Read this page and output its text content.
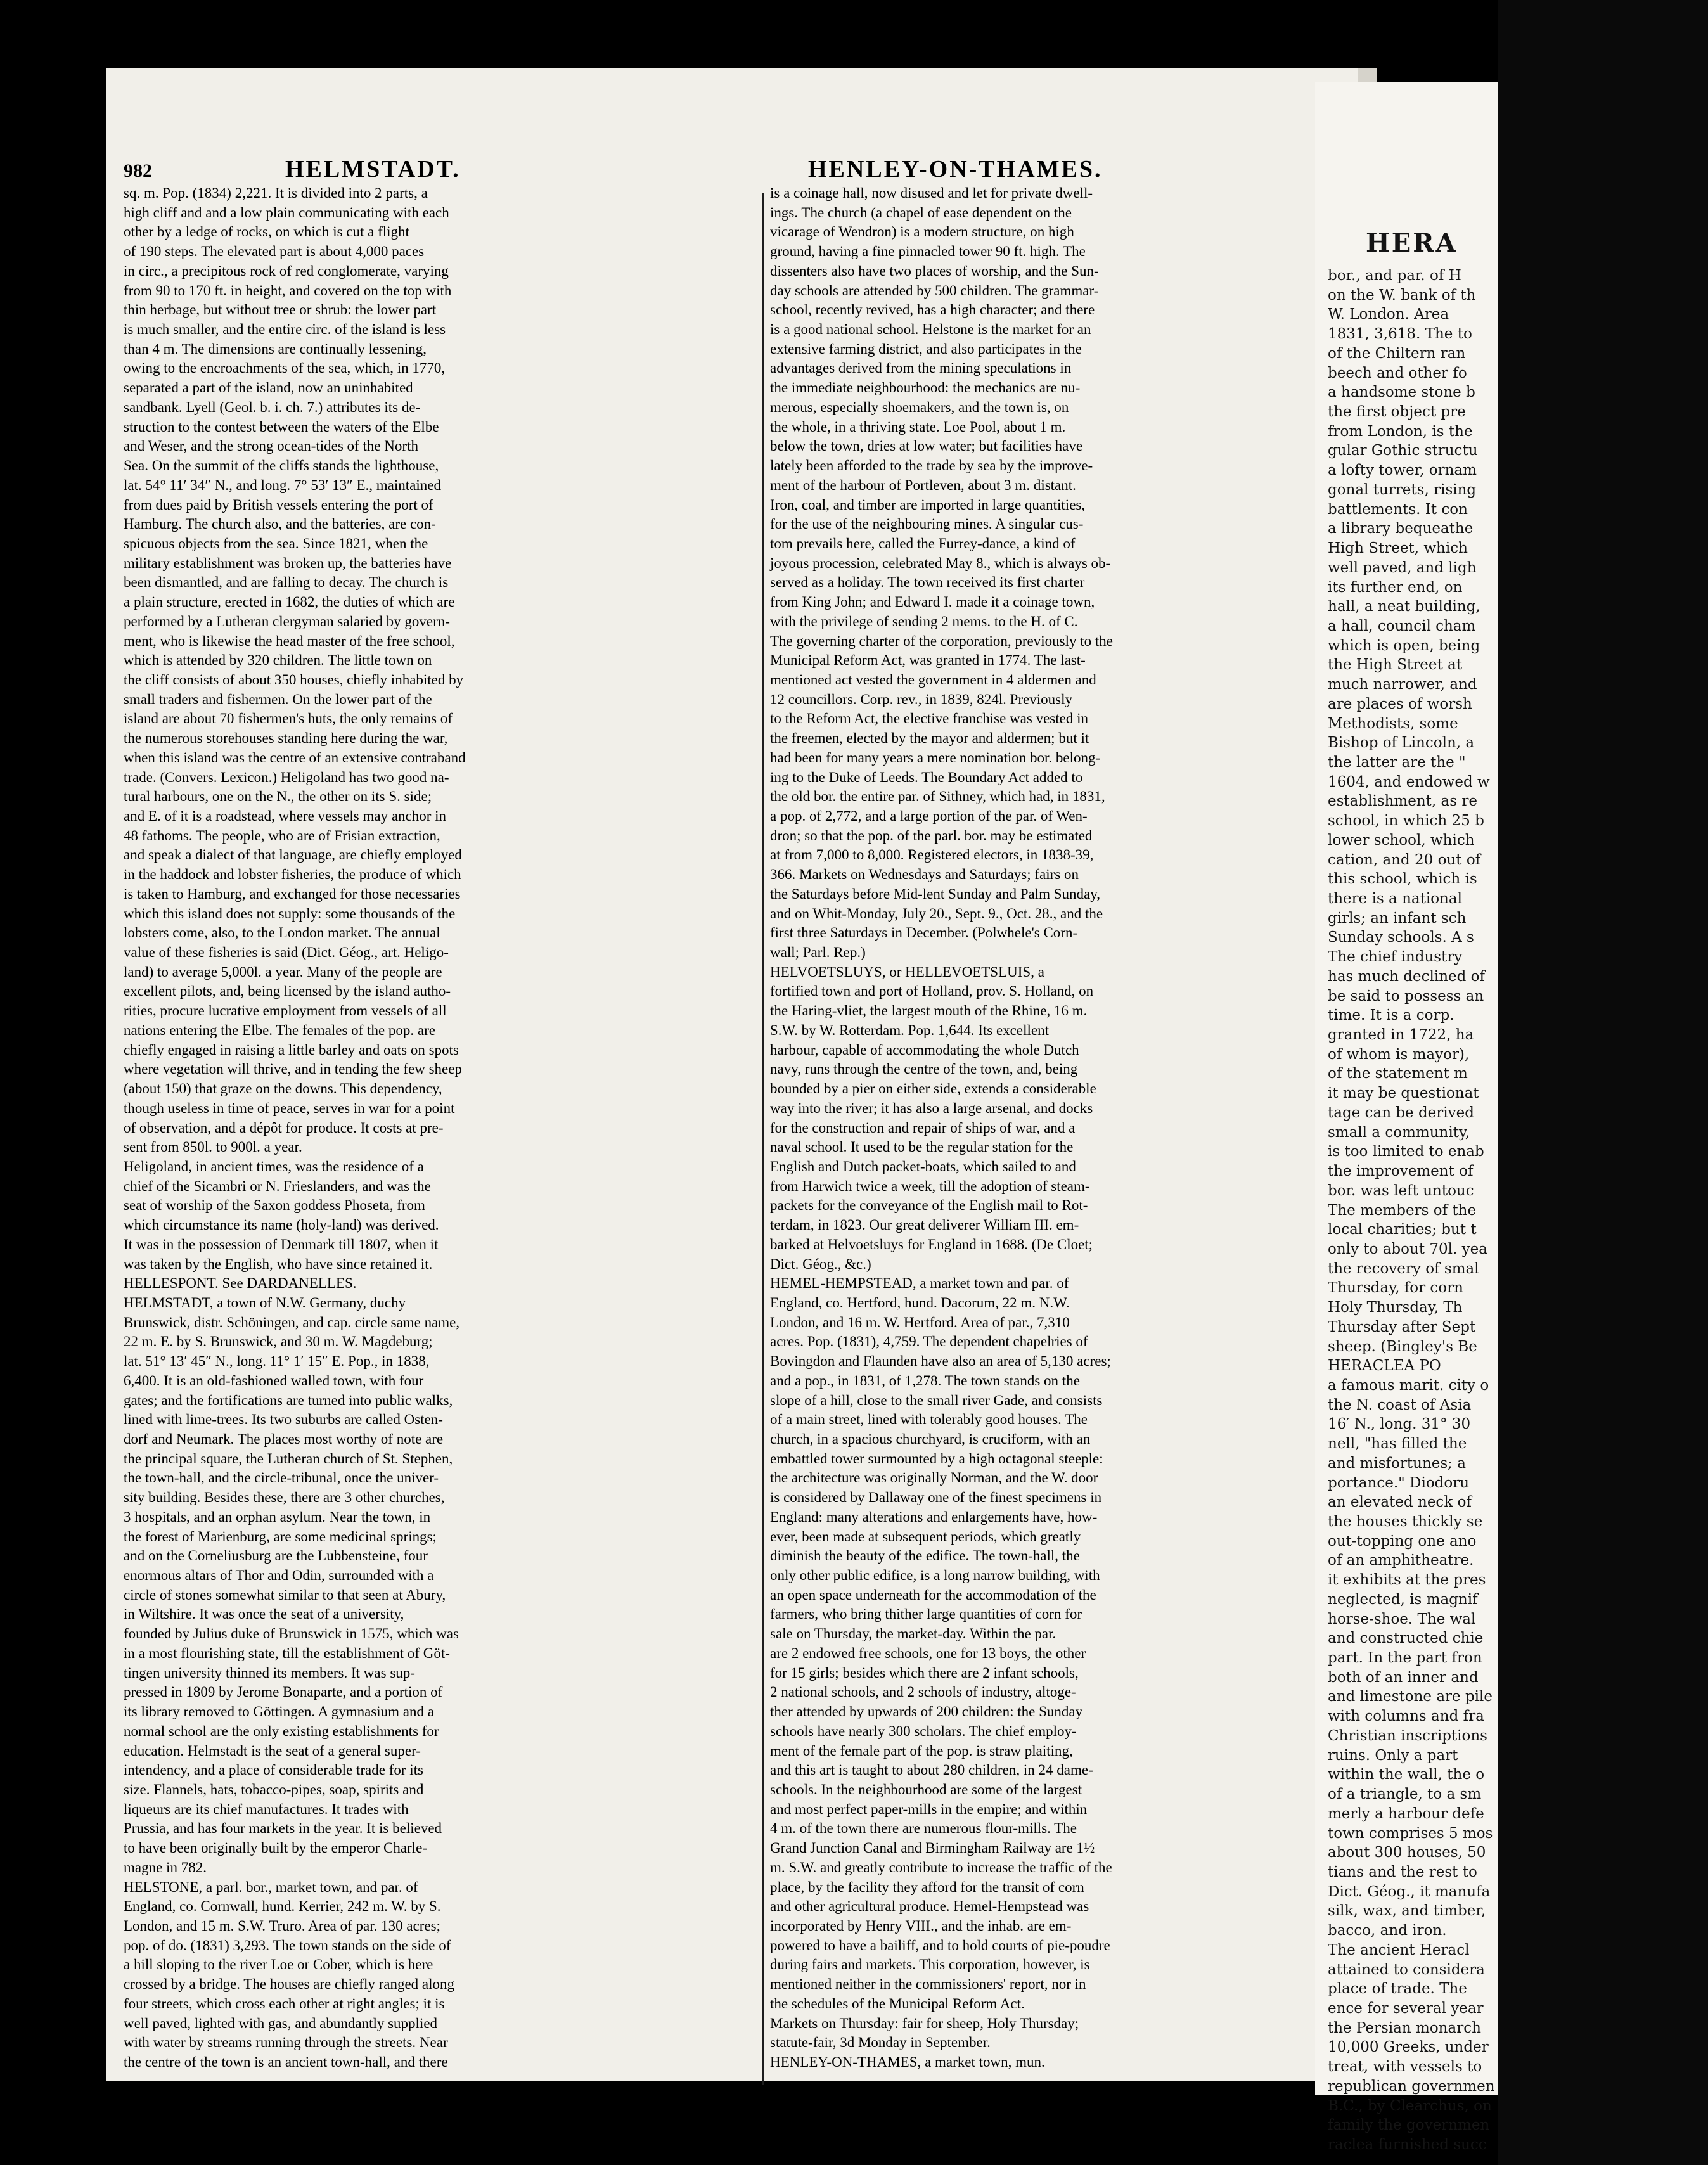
HERA
bor., and par. of H
on the W. bank of th
W. London. Area
1831, 3,618. The to
of the Chiltern ran
beech and other fo
a handsome stone b
the first object pre
from London, is the
gular Gothic structu
a lofty tower, ornam
gonal turrets, rising
battlements. It con
a library bequeathe
High Street, which
well paved, and ligh
its further end, on
hall, a neat building,
a hall, council cham
which is open, being
the High Street at
much narrower, and
are places of worsh
Methodists, some
Bishop of Lincoln, a
the latter are the "
1604, and endowed w
establishment, as re
school, in which 25 b
lower school, which
cation, and 20 out of
this school, which is
there is a national
girls; an infant sch
Sunday schools. A s
The chief industry
has much declined of
be said to possess an
time. It is a corp.
granted in 1722, ha
of whom is mayor),
of the statement m
it may be questionat
tage can be derived
small a community,
is too limited to enab
the improvement of
bor. was left untouc
The members of the
local charities; but t
only to about 70l. yea
the recovery of smal
Thursday, for corn
Holy Thursday, Th
Thursday after Sept
sheep. (Bingley's Be
HERACLEA PO
a famous marit. city o
the N. coast of Asia
16′ N., long. 31° 30
nell, "has filled the
and misfortunes; a
portance." Diodoru
an elevated neck of
the houses thickly se
out-topping one ano
of an amphitheatre.
it exhibits at the pres
neglected, is magnif
horse-shoe. The wal
and constructed chie
part. In the part fron
both of an inner and
and limestone are pile
with columns and fra
Christian inscriptions
ruins. Only a part
within the wall, the o
of a triangle, to a sm
merly a harbour defe
town comprises 5 mos
about 300 houses, 50
tians and the rest to
Dict. Géog., it manufa
silk, wax, and timber,
bacco, and iron.
The ancient Heracl
attained to considera
place of trade. The
ence for several year
the Persian monarch
10,000 Greeks, under
treat, with vessels to
republican governmen
B.C., by Clearchus, on
family the governmen
raclea furnished succ
982	HELMSTADT.	HENLEY-ON-THAMES.
sq. m. Pop. (1834) 2,221. It is divided into 2 parts, a
high cliff and and a low plain communicating with each
other by a ledge of rocks, on which is cut a flight
of 190 steps. The elevated part is about 4,000 paces
in circ., a precipitous rock of red conglomerate, varying
from 90 to 170 ft. in height, and covered on the top with
thin herbage, but without tree or shrub: the lower part
is much smaller, and the entire circ. of the island is less
than 4 m. The dimensions are continually lessening,
owing to the encroachments of the sea, which, in 1770,
separated a part of the island, now an uninhabited
sandbank. Lyell (Geol. b. i. ch. 7.) attributes its de-
struction to the contest between the waters of the Elbe
and Weser, and the strong ocean-tides of the North
Sea. On the summit of the cliffs stands the lighthouse,
lat. 54° 11′ 34″ N., and long. 7° 53′ 13″ E., maintained
from dues paid by British vessels entering the port of
Hamburg. The church also, and the batteries, are con-
spicuous objects from the sea. Since 1821, when the
military establishment was broken up, the batteries have
been dismantled, and are falling to decay. The church is
a plain structure, erected in 1682, the duties of which are
performed by a Lutheran clergyman salaried by govern-
ment, who is likewise the head master of the free school,
which is attended by 320 children. The little town on
the cliff consists of about 350 houses, chiefly inhabited by
small traders and fishermen. On the lower part of the
island are about 70 fishermen's huts, the only remains of
the numerous storehouses standing here during the war,
when this island was the centre of an extensive contraband
trade. (Convers. Lexicon.) Heligoland has two good na-
tural harbours, one on the N., the other on its S. side;
and E. of it is a roadstead, where vessels may anchor in
48 fathoms. The people, who are of Frisian extraction,
and speak a dialect of that language, are chiefly employed
in the haddock and lobster fisheries, the produce of which
is taken to Hamburg, and exchanged for those necessaries
which this island does not supply: some thousands of the
lobsters come, also, to the London market. The annual
value of these fisheries is said (Dict. Géog., art. Heligo-
land) to average 5,000l. a year. Many of the people are
excellent pilots, and, being licensed by the island autho-
rities, procure lucrative employment from vessels of all
nations entering the Elbe. The females of the pop. are
chiefly engaged in raising a little barley and oats on spots
where vegetation will thrive, and in tending the few sheep
(about 150) that graze on the downs. This dependency,
though useless in time of peace, serves in war for a point
of observation, and a dépôt for produce. It costs at pre-
sent from 850l. to 900l. a year.
Heligoland, in ancient times, was the residence of a
chief of the Sicambri or N. Frieslanders, and was the
seat of worship of the Saxon goddess Phoseta, from
which circumstance its name (holy-land) was derived.
It was in the possession of Denmark till 1807, when it
was taken by the English, who have since retained it.
HELLESPONT. See DARDANELLES.
HELMSTADT, a town of N.W. Germany, duchy
Brunswick, distr. Schöningen, and cap. circle same name,
22 m. E. by S. Brunswick, and 30 m. W. Magdeburg;
lat. 51° 13′ 45″ N., long. 11° 1′ 15″ E. Pop., in 1838,
6,400. It is an old-fashioned walled town, with four
gates; and the fortifications are turned into public walks,
lined with lime-trees. Its two suburbs are called Osten-
dorf and Neumark. The places most worthy of note are
the principal square, the Lutheran church of St. Stephen,
the town-hall, and the circle-tribunal, once the univer-
sity building. Besides these, there are 3 other churches,
3 hospitals, and an orphan asylum. Near the town, in
the forest of Marienburg, are some medicinal springs;
and on the Corneliusburg are the Lubbensteine, four
enormous altars of Thor and Odin, surrounded with a
circle of stones somewhat similar to that seen at Abury,
in Wiltshire. It was once the seat of a university,
founded by Julius duke of Brunswick in 1575, which was
in a most flourishing state, till the establishment of Göt-
tingen university thinned its members. It was sup-
pressed in 1809 by Jerome Bonaparte, and a portion of
its library removed to Göttingen. A gymnasium and a
normal school are the only existing establishments for
education. Helmstadt is the seat of a general super-
intendency, and a place of considerable trade for its
size. Flannels, hats, tobacco-pipes, soap, spirits and
liqueurs are its chief manufactures. It trades with
Prussia, and has four markets in the year. It is believed
to have been originally built by the emperor Charle-
magne in 782.
HELSTONE, a parl. bor., market town, and par. of
England, co. Cornwall, hund. Kerrier, 242 m. W. by S.
London, and 15 m. S.W. Truro. Area of par. 130 acres;
pop. of do. (1831) 3,293. The town stands on the side of
a hill sloping to the river Loe or Cober, which is here
crossed by a bridge. The houses are chiefly ranged along
four streets, which cross each other at right angles; it is
well paved, lighted with gas, and abundantly supplied
with water by streams running through the streets. Near
the centre of the town is an ancient town-hall, and there
is a coinage hall, now disused and let for private dwell-
ings. The church (a chapel of ease dependent on the
vicarage of Wendron) is a modern structure, on high
ground, having a fine pinnacled tower 90 ft. high. The
dissenters also have two places of worship, and the Sun-
day schools are attended by 500 children. The grammar-
school, recently revived, has a high character; and there
is a good national school. Helstone is the market for an
extensive farming district, and also participates in the
advantages derived from the mining speculations in
the immediate neighbourhood: the mechanics are nu-
merous, especially shoemakers, and the town is, on
the whole, in a thriving state. Loe Pool, about 1 m.
below the town, dries at low water; but facilities have
lately been afforded to the trade by sea by the improve-
ment of the harbour of Portleven, about 3 m. distant.
Iron, coal, and timber are imported in large quantities,
for the use of the neighbouring mines. A singular cus-
tom prevails here, called the Furrey-dance, a kind of
joyous procession, celebrated May 8., which is always ob-
served as a holiday. The town received its first charter
from King John; and Edward I. made it a coinage town,
with the privilege of sending 2 mems. to the H. of C.
The governing charter of the corporation, previously to the
Municipal Reform Act, was granted in 1774. The last-
mentioned act vested the government in 4 aldermen and
12 councillors. Corp. rev., in 1839, 824l. Previously
to the Reform Act, the elective franchise was vested in
the freemen, elected by the mayor and aldermen; but it
had been for many years a mere nomination bor. belong-
ing to the Duke of Leeds. The Boundary Act added to
the old bor. the entire par. of Sithney, which had, in 1831,
a pop. of 2,772, and a large portion of the par. of Wen-
dron; so that the pop. of the parl. bor. may be estimated
at from 7,000 to 8,000. Registered electors, in 1838-39,
366. Markets on Wednesdays and Saturdays; fairs on
the Saturdays before Mid-lent Sunday and Palm Sunday,
and on Whit-Monday, July 20., Sept. 9., Oct. 28., and the
first three Saturdays in December. (Polwhele's Corn-
wall; Parl. Rep.)
HELVOETSLUYS, or HELLEVOETSLUIS, a
fortified town and port of Holland, prov. S. Holland, on
the Haring-vliet, the largest mouth of the Rhine, 16 m.
S.W. by W. Rotterdam. Pop. 1,644. Its excellent
harbour, capable of accommodating the whole Dutch
navy, runs through the centre of the town, and, being
bounded by a pier on either side, extends a considerable
way into the river; it has also a large arsenal, and docks
for the construction and repair of ships of war, and a
naval school. It used to be the regular station for the
English and Dutch packet-boats, which sailed to and
from Harwich twice a week, till the adoption of steam-
packets for the conveyance of the English mail to Rot-
terdam, in 1823. Our great deliverer William III. em-
barked at Helvoetsluys for England in 1688. (De Cloet;
Dict. Géog., &c.)
HEMEL-HEMPSTEAD, a market town and par. of
England, co. Hertford, hund. Dacorum, 22 m. N.W.
London, and 16 m. W. Hertford. Area of par., 7,310
acres. Pop. (1831), 4,759. The dependent chapelries of
Bovingdon and Flaunden have also an area of 5,130 acres;
and a pop., in 1831, of 1,278. The town stands on the
slope of a hill, close to the small river Gade, and consists
of a main street, lined with tolerably good houses. The
church, in a spacious churchyard, is cruciform, with an
embattled tower surmounted by a high octagonal steeple:
the architecture was originally Norman, and the W. door
is considered by Dallaway one of the finest specimens in
England: many alterations and enlargements have, how-
ever, been made at subsequent periods, which greatly
diminish the beauty of the edifice. The town-hall, the
only other public edifice, is a long narrow building, with
an open space underneath for the accommodation of the
farmers, who bring thither large quantities of corn for
sale on Thursday, the market-day. Within the par.
are 2 endowed free schools, one for 13 boys, the other
for 15 girls; besides which there are 2 infant schools,
2 national schools, and 2 schools of industry, altoge-
ther attended by upwards of 200 children: the Sunday
schools have nearly 300 scholars. The chief employ-
ment of the female part of the pop. is straw plaiting,
and this art is taught to about 280 children, in 24 dame-
schools. In the neighbourhood are some of the largest
and most perfect paper-mills in the empire; and within
4 m. of the town there are numerous flour-mills. The
Grand Junction Canal and Birmingham Railway are 1½
m. S.W. and greatly contribute to increase the traffic of the
place, by the facility they afford for the transit of corn
and other agricultural produce. Hemel-Hempstead was
incorporated by Henry VIII., and the inhab. are em-
powered to have a bailiff, and to hold courts of pie-poudre
during fairs and markets. This corporation, however, is
mentioned neither in the commissioners' report, nor in
the schedules of the Municipal Reform Act.
Markets on Thursday: fair for sheep, Holy Thursday;
statute-fair, 3d Monday in September.
HENLEY-ON-THAMES, a market town, mun.
